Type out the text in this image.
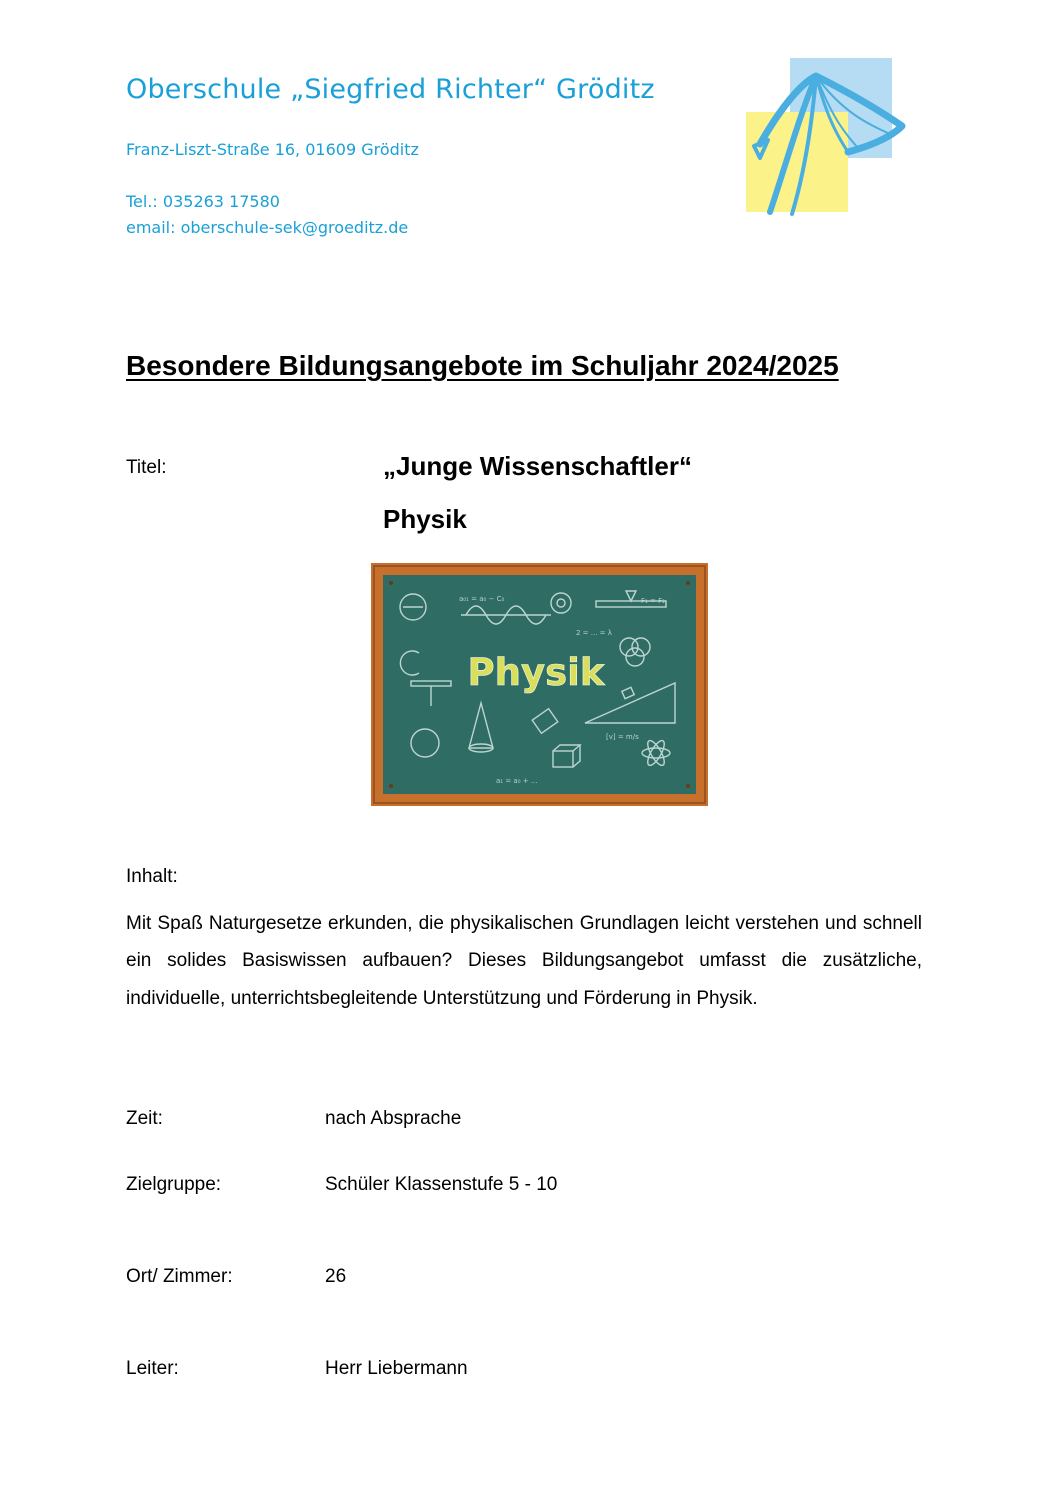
Oberschule „Siegfried Richter“ Gröditz
Franz-Liszt-Straße 16, 01609 Gröditz
Tel.: 035263 17580
email: oberschule-sek@groeditz.de
Besondere Bildungsangebote im Schuljahr 2024/2025
Titel:	„Junge Wissenschaftler“
Physik
a₀₁ = a₀ − C₀	F₁ = F₂
a₁ = a₀ + ...
[v] = m/s
2 = ... = λ
Physik
Inhalt:

Mit Spaß Naturgesetze erkunden, die physikalischen Grundlagen leicht verstehen und schnell ein solides Basiswissen aufbauen? Dieses Bildungsangebot umfasst die zusätzliche, individuelle, unterrichtsbegleitende Unterstützung und Förderung in Physik.

Zeit:	nach Absprache
Zielgruppe:	Schüler Klassenstufe 5 - 10
Ort/ Zimmer:	26
Leiter:	Herr Liebermann
